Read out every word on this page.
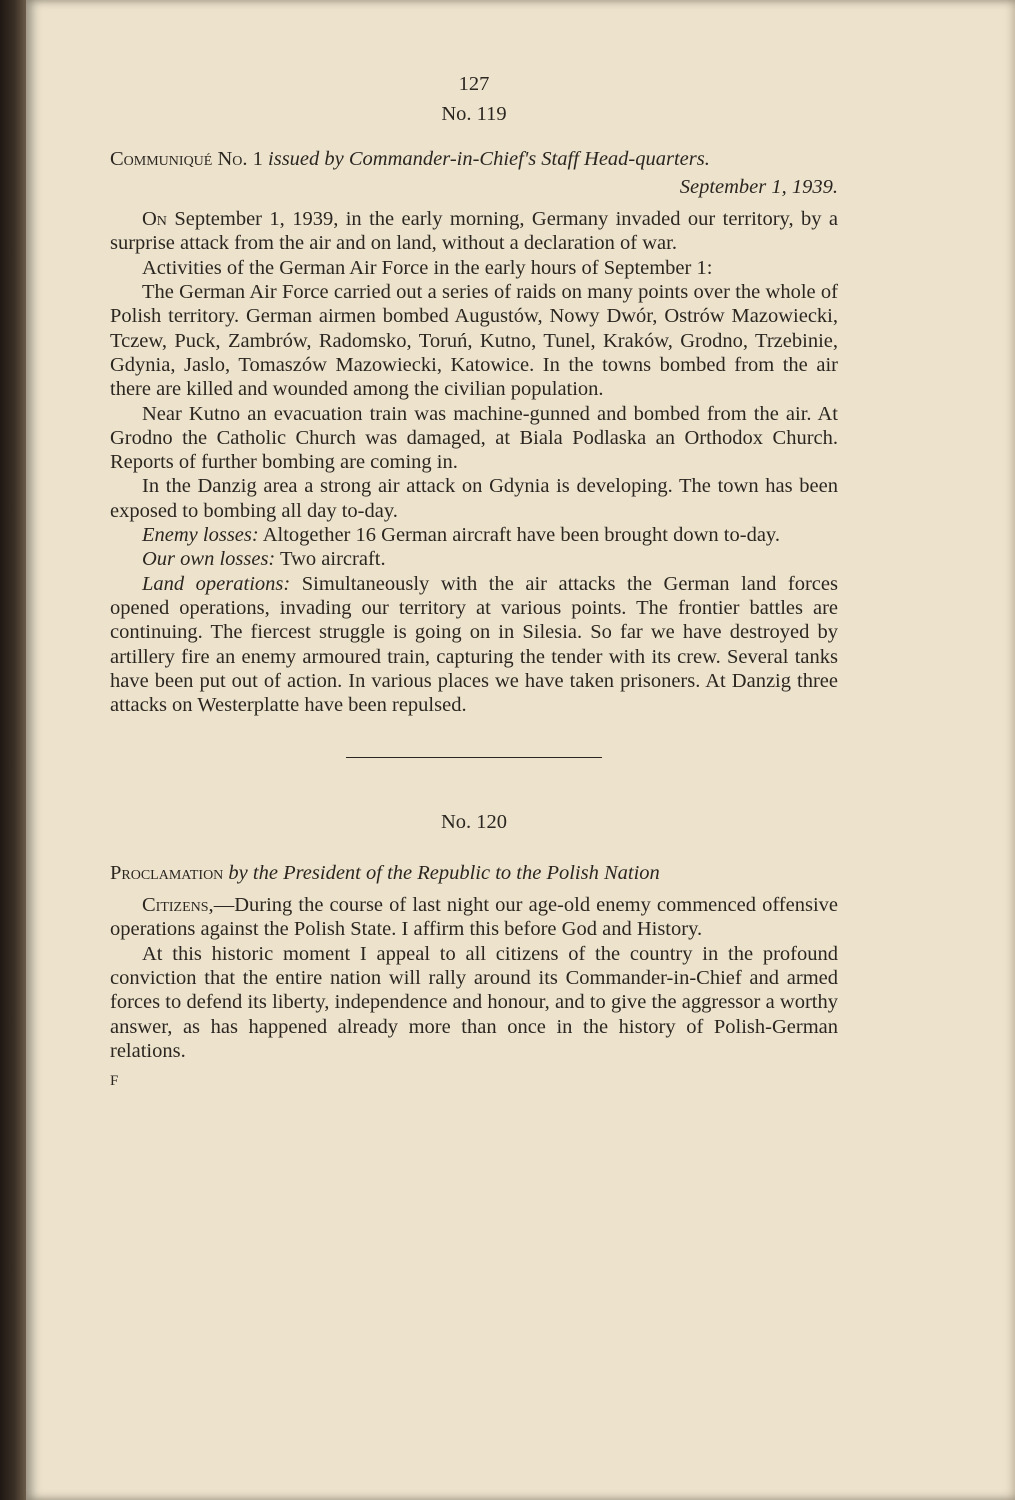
127
No. 119
Communiqué No. 1 issued by Commander-in-Chief's Staff Head-quarters.
September 1, 1939.

On September 1, 1939, in the early morning, Germany invaded our territory, by a surprise attack from the air and on land, without a declaration of war.

Activities of the German Air Force in the early hours of September 1:

The German Air Force carried out a series of raids on many points over the whole of Polish territory. German airmen bombed Augustów, Nowy Dwór, Ostrów Mazowiecki, Tczew, Puck, Zambrów, Radomsko, Toruń, Kutno, Tunel, Kraków, Grodno, Trzebinie, Gdynia, Jaslo, Tomaszów Mazowiecki, Katowice. In the towns bombed from the air there are killed and wounded among the civilian population.

Near Kutno an evacuation train was machine-gunned and bombed from the air. At Grodno the Catholic Church was damaged, at Biala Podlaska an Orthodox Church. Reports of further bombing are coming in.

In the Danzig area a strong air attack on Gdynia is developing. The town has been exposed to bombing all day to-day.

Enemy losses: Altogether 16 German aircraft have been brought down to-day.

Our own losses: Two aircraft.

Land operations: Simultaneously with the air attacks the German land forces opened operations, invading our territory at various points. The frontier battles are continuing. The fiercest struggle is going on in Silesia. So far we have destroyed by artillery fire an enemy armoured train, capturing the tender with its crew. Several tanks have been put out of action. In various places we have taken prisoners. At Danzig three attacks on Westerplatte have been repulsed.

No. 120
Proclamation by the President of the Republic to the Polish Nation

Citizens,—During the course of last night our age-old enemy commenced offensive operations against the Polish State. I affirm this before God and History.

At this historic moment I appeal to all citizens of the country in the profound conviction that the entire nation will rally around its Commander-in-Chief and armed forces to defend its liberty, independence and honour, and to give the aggressor a worthy answer, as has happened already more than once in the history of Polish-German relations.

F
